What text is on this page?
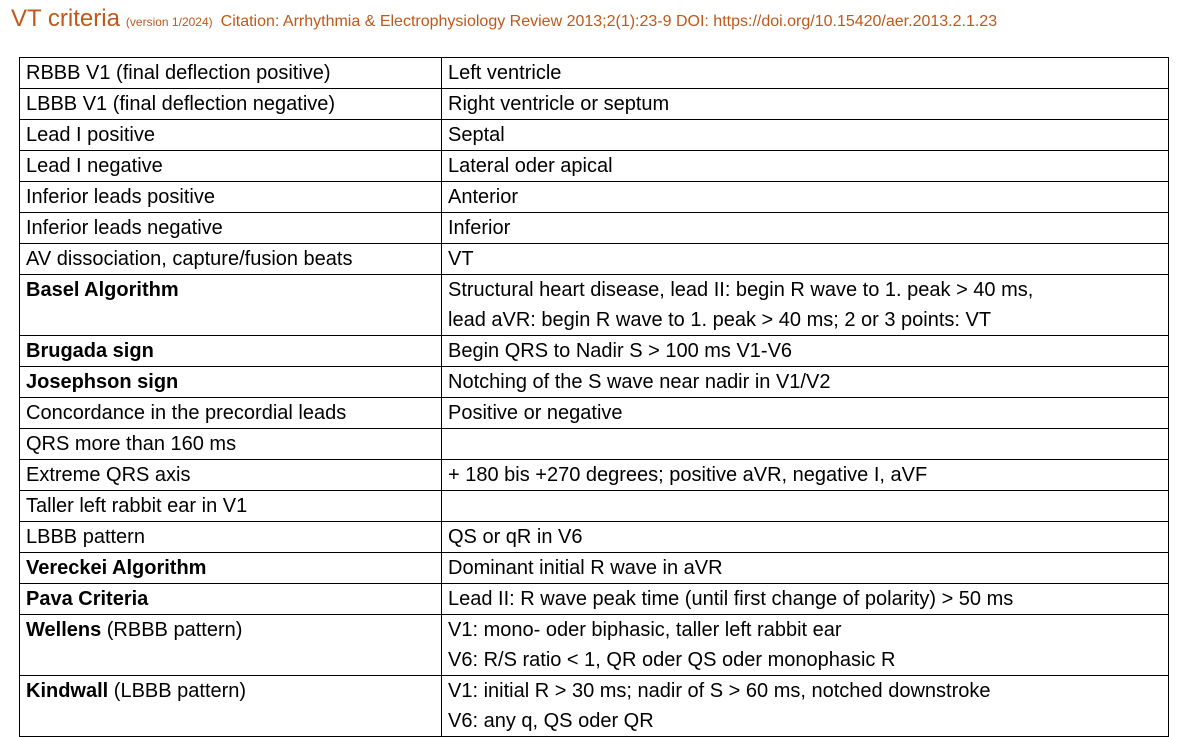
VT criteria (version 1/2024) Citation: Arrhythmia & Electrophysiology Review 2013;2(1):23-9 DOI: https://doi.org/10.15420/aer.2013.2.1.23
RBBB V1 (final deflection positive)	Left ventricle

LBBB V1 (final deflection negative)	Right ventricle or septum

Lead I positive	Septal

Lead I negative	Lateral oder apical

Inferior leads positive	Anterior

Inferior leads negative	Inferior

AV dissociation, capture/fusion beats	VT

Basel Algorithm	Structural heart disease, lead II: begin R wave to 1. peak > 40 ms,
lead aVR: begin R wave to 1. peak > 40 ms; 2 or 3 points: VT

Brugada sign	Begin QRS to Nadir S > 100 ms V1-V6

Josephson sign	Notching of the S wave near nadir in V1/V2

Concordance in the precordial leads	Positive or negative

QRS more than 160 ms	

Extreme QRS axis	+ 180 bis +270 degrees; positive aVR, negative I, aVF

Taller left rabbit ear in V1	

LBBB pattern	QS or qR in V6

Vereckei Algorithm	Dominant initial R wave in aVR

Pava Criteria	Lead II: R wave peak time (until first change of polarity) > 50 ms

Wellens (RBBB pattern)	V1: mono- oder biphasic, taller left rabbit ear
V6: R/S ratio < 1, QR oder QS oder monophasic R

Kindwall (LBBB pattern)	V1: initial R > 30 ms; nadir of S > 60 ms, notched downstroke
V6: any q, QS oder QR
